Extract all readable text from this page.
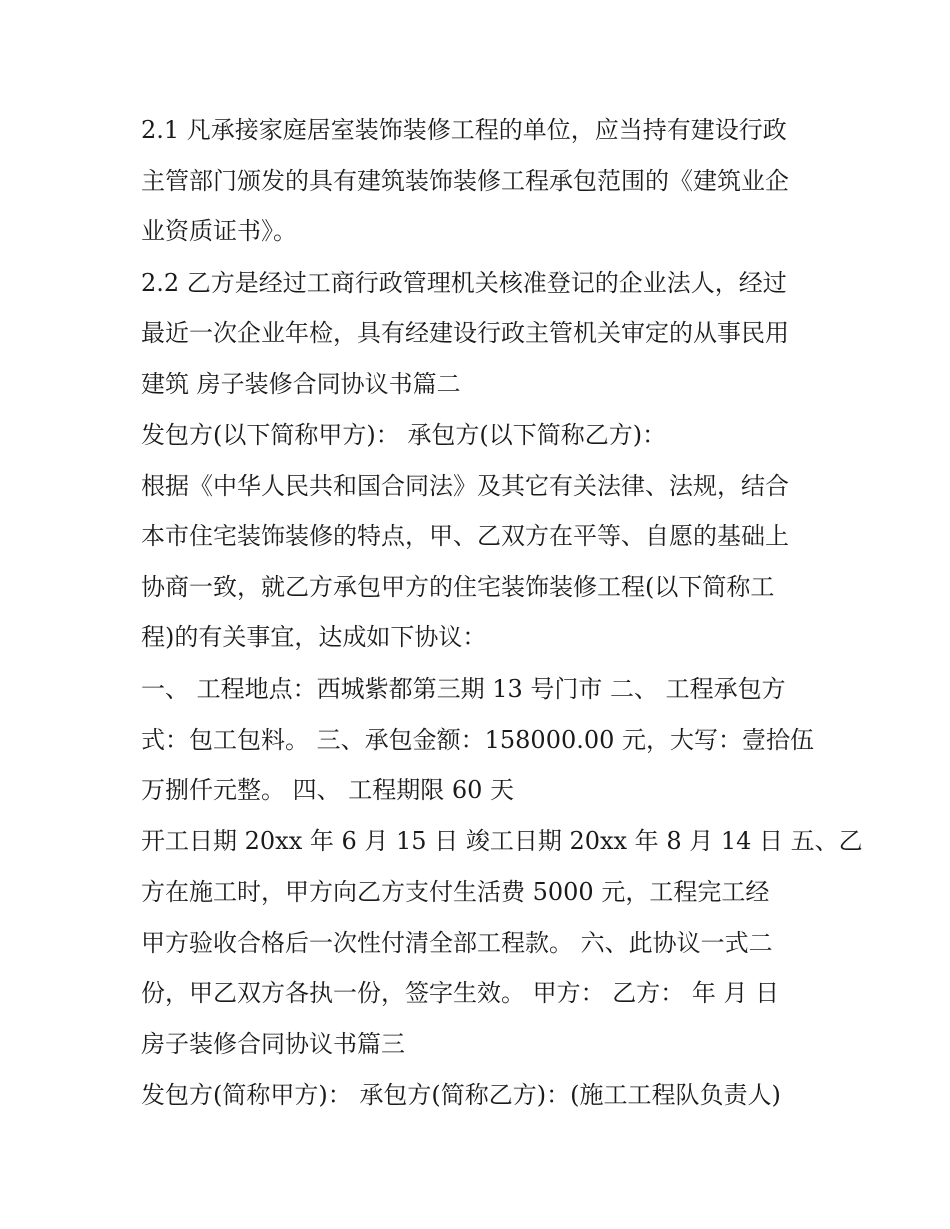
2.1 凡承接家庭居室装饰装修工程的单位，应当持有建设行政
主管部门颁发的具有建筑装饰装修工程承包范围的《建筑业企
业资质证书》。
2.2 乙方是经过工商行政管理机关核准登记的企业法人，经过
最近一次企业年检，具有经建设行政主管机关审定的从事民用
建筑 房子装修合同协议书篇二
发包方(以下简称甲方)： 承包方(以下简称乙方)：
根据《中华人民共和国合同法》及其它有关法律、法规，结合
本市住宅装饰装修的特点，甲、乙双方在平等、自愿的基础上
协商一致，就乙方承包甲方的住宅装饰装修工程(以下简称工
程)的有关事宜，达成如下协议：
一、 工程地点：西城紫都第三期 13 号门市 二、 工程承包方
式：包工包料。 三、承包金额：158000.00 元，大写：壹拾伍
万捌仟元整。 四、 工程期限 60 天
开工日期 20xx 年 6 月 15 日 竣工日期 20xx 年 8 月 14 日 五、乙
方在施工时，甲方向乙方支付生活费 5000 元，工程完工经
甲方验收合格后一次性付清全部工程款。 六、此协议一式二
份，甲乙双方各执一份，签字生效。 甲方： 乙方： 年 月 日
房子装修合同协议书篇三
发包方(简称甲方)： 承包方(简称乙方)：(施工工程队负责人)
